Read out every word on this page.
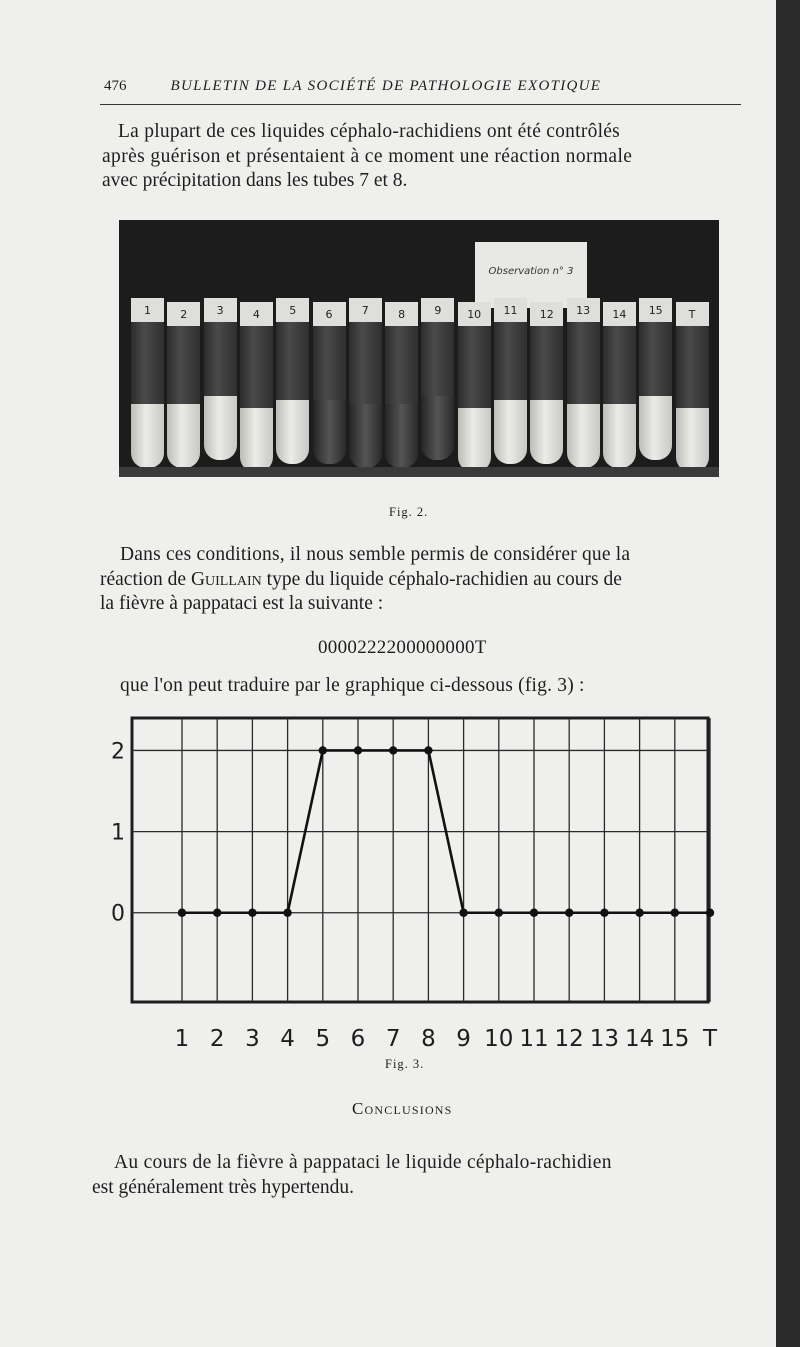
476	BULLETIN DE LA SOCIÉTÉ DE PATHOLOGIE EXOTIQUE

La plupart de ces liquides céphalo-rachidiens ont été contrôlés
après guérison et présentaient à ce moment une réaction normale
avec précipitation dans les tubes 7 et 8.

Observation n° 3
1	2	3	4	5	6	7	8	9	10	11	12	13	14	15	T
Fig. 2.

Dans ces conditions, il nous semble permis de considérer que la
réaction de Guillain type du liquide céphalo-rachidien au cours de
la fièvre à pappataci est la suivante :

0000222200000000T

que l'on peut traduire par le graphique ci-dessous (fig. 3) :

0
1
2
1 2 3 4 5 6 7 8 9 10 11 12 13 14 15 T
Fig. 3.
Conclusions

Au cours de la fièvre à pappataci le liquide céphalo-rachidien
est généralement très hypertendu.
